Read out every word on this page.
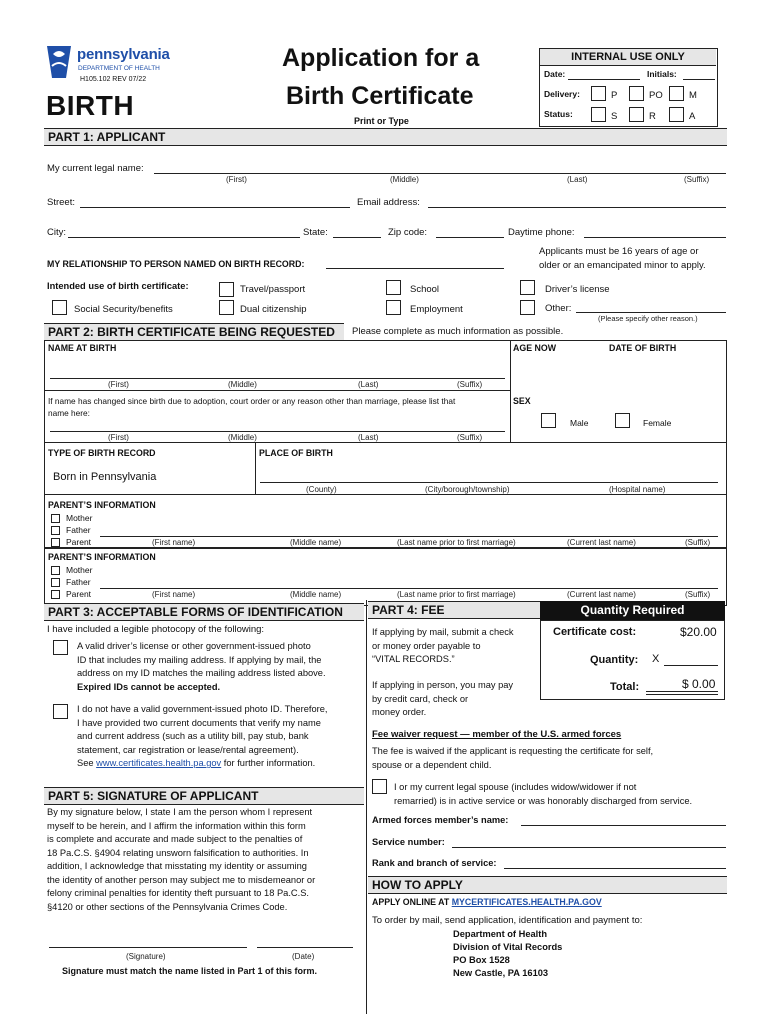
pennsylvania
DEPARTMENT OF HEALTH
H105.102 REV 07/22
BIRTH
Application for a
Birth Certificate
Print or Type
INTERNAL USE ONLY
Date:	Initials:
Delivery:	P	PO	M
Status:	S	R	A
PART 1: APPLICANT
My current legal name:
(First)	(Middle)	(Last)	(Suffix)
Street:	Email address:
City:	State:	Zip code:	Daytime phone:
Applicants must be 16 years of age or
older or an emancipated minor to apply.
MY RELATIONSHIP TO PERSON NAMED ON BIRTH RECORD:
Intended use of birth certificate:	Travel/passport	School	Driver’s license
Social Security/benefits	Dual citizenship	Employment	Other:
(Please specify other reason.)
PART 2: BIRTH CERTIFICATE BEING REQUESTED	Please complete as much information as possible.
NAME AT BIRTH	AGE NOW	DATE OF BIRTH
(First)	(Middle)	(Last)	(Suffix)
If name has changed since birth due to adoption, court order or any reason other than marriage, please list that
name here:
SEX
Male	Female
(First)	(Middle)	(Last)	(Suffix)
TYPE OF BIRTH RECORD
Born in Pennsylvania
PLACE OF BIRTH
(County)	(City/borough/township)	(Hospital name)
PARENT’S INFORMATION
Mother
Father
Parent	(First name)	(Middle name)	(Last name prior to first marriage)	(Current last name)	(Suffix)
PARENT’S INFORMATION
Mother
Father
Parent	(First name)	(Middle name)	(Last name prior to first marriage)	(Current last name)	(Suffix)
PART 3: ACCEPTABLE FORMS OF IDENTIFICATION
I have included a legible photocopy of the following:
A valid driver’s license or other government-issued photo
ID that includes my mailing address. If applying by mail, the
address on my ID matches the mailing address listed above.
Expired IDs cannot be accepted.
I do not have a valid government-issued photo ID. Therefore,
I have provided two current documents that verify my name
and current address (such as a utility bill, pay stub, bank
statement, car registration or lease/rental agreement).
See www.certificates.health.pa.gov for further information.
PART 5: SIGNATURE OF APPLICANT
By my signature below, I state I am the person whom I represent
myself to be herein, and I affirm the information within this form
is complete and accurate and made subject to the penalties of
18 Pa.C.S. §4904 relating unsworn falsification to authorities. In
addition, I acknowledge that misstating my identity or assuming
the identity of another person may subject me to misdemeanor or
felony criminal penalties for identity theft pursuant to 18 Pa.C.S.
§4120 or other sections of the Pennsylvania Crimes Code.
(Signature)	(Date)
Signature must match the name listed in Part 1 of this form.
PART 4: FEE	Quantity Required
If applying by mail, submit a check
or money order payable to
“VITAL RECORDS.”
If applying in person, you may pay
by credit card, check or
money order.
Certificate cost:	$20.00
Quantity: X
Total:	$ 0.00
Fee waiver request — member of the U.S. armed forces
The fee is waived if the applicant is requesting the certificate for self,
spouse or a dependent child.
I or my current legal spouse (includes widow/widower if not
remarried) is in active service or was honorably discharged from service.
Armed forces member’s name:
Service number:
Rank and branch of service:
HOW TO APPLY
APPLY ONLINE AT MYCERTIFICATES.HEALTH.PA.GOV
To order by mail, send application, identification and payment to:
Department of Health
Division of Vital Records
PO Box 1528
New Castle, PA 16103
